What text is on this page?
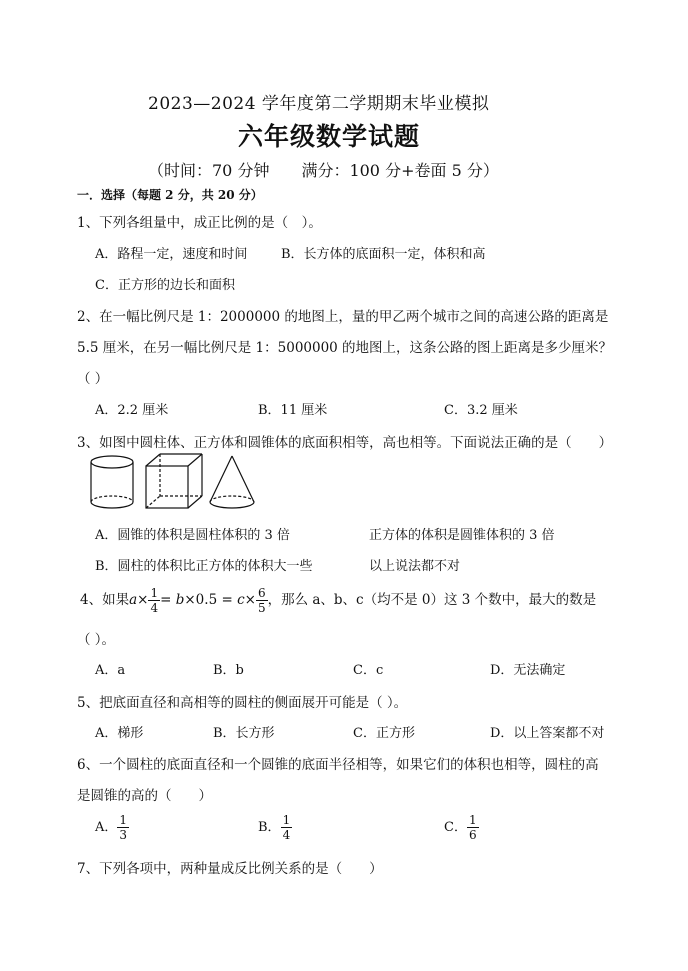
2023—2024 学年度第二学期期末毕业模拟
六年级数学试题
（时间：70 分钟　　满分：100 分+卷面 5 分）
一．选择（每题 2 分，共 20 分）
1、下列各组量中，成正比例的是（　）。
A．路程一定，速度和时间	B．长方体的底面积一定，体积和高
C．正方形的边长和面积
2、在一幅比例尺是 1：2000000 的地图上，量的甲乙两个城市之间的高速公路的距离是
5.5 厘米，在另一幅比例尺是 1：5000000 的地图上，这条公路的图上距离是多少厘米？
（ ）
A．2.2 厘米	B．11 厘米	C．3.2 厘米
3、如图中圆柱体、正方体和圆锥体的底面积相等，高也相等。下面说法正确的是（　　）
A．圆锥的体积是圆柱体积的 3 倍	正方体的体积是圆锥体积的 3 倍
B．圆柱的体积比正方体的体积大一些	以上说法都不对
4、如果$a\times \frac{1}{4} = b\times 0.5 = c\times \frac{6}{5}$ ，那么 a、b、c（均不是 0）这 3 个数中，最大的数是
（ ）。
A．a	B．b	C．c	D．无法确定
5、把底面直径和高相等的圆柱的侧面展开可能是（ ）。
A．梯形	B．长方形	C．正方形	D．以上答案都不对
6、一个圆柱的底面直径和一个圆锥的底面半径相等，如果它们的体积也相等，圆柱的高
是圆锥的高的（　　）
A． $\frac{1}{3}$	B． $\frac{1}{4}$	C． $\frac{1}{6}$
7、下列各项中，两种量成反比例关系的是（　　）
